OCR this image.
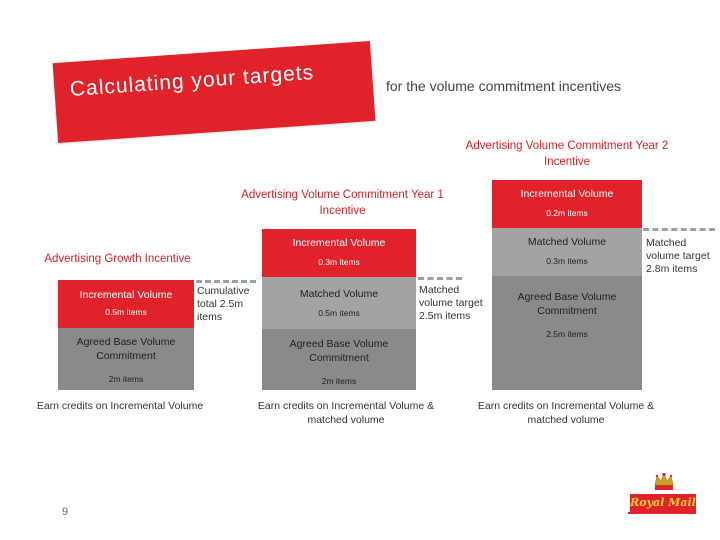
Calculating your targets	for the volume commitment incentives
Advertising Growth Incentive
Incremental Volume
0.5m items
Agreed Base Volume Commitment
2m items
Cumulative total 2.5m items
Earn credits on Incremental Volume
Advertising Volume Commitment Year 1 Incentive
Incremental Volume
0.3m items
Matched Volume
0.5m items
Agreed Base Volume Commitment
2m items
Matched volume target 2.5m items
Earn credits on Incremental Volume & matched volume
Advertising Volume Commitment Year 2 Incentive
Incremental Volume
0.2m items
Matched Volume
0.3m items
Agreed Base Volume Commitment
2.5m items
Matched volume target 2.8m items
Earn credits on Incremental Volume & matched volume
9
Royal Mail
